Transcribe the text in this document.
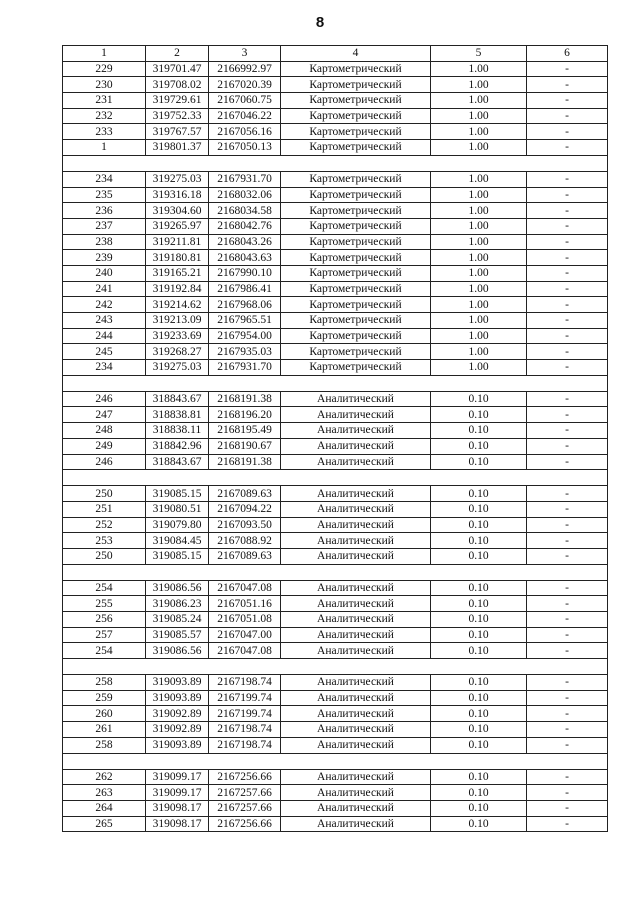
8
1	2	3	4	5	6
229	319701.47	2166992.97	Картометрический	1.00	-
230	319708.02	2167020.39	Картометрический	1.00	-
231	319729.61	2167060.75	Картометрический	1.00	-
232	319752.33	2167046.22	Картометрический	1.00	-
233	319767.57	2167056.16	Картометрический	1.00	-
1	319801.37	2167050.13	Картометрический	1.00	-

234	319275.03	2167931.70	Картометрический	1.00	-
235	319316.18	2168032.06	Картометрический	1.00	-
236	319304.60	2168034.58	Картометрический	1.00	-
237	319265.97	2168042.76	Картометрический	1.00	-
238	319211.81	2168043.26	Картометрический	1.00	-
239	319180.81	2168043.63	Картометрический	1.00	-
240	319165.21	2167990.10	Картометрический	1.00	-
241	319192.84	2167986.41	Картометрический	1.00	-
242	319214.62	2167968.06	Картометрический	1.00	-
243	319213.09	2167965.51	Картометрический	1.00	-
244	319233.69	2167954.00	Картометрический	1.00	-
245	319268.27	2167935.03	Картометрический	1.00	-
234	319275.03	2167931.70	Картометрический	1.00	-

246	318843.67	2168191.38	Аналитический	0.10	-
247	318838.81	2168196.20	Аналитический	0.10	-
248	318838.11	2168195.49	Аналитический	0.10	-
249	318842.96	2168190.67	Аналитический	0.10	-
246	318843.67	2168191.38	Аналитический	0.10	-

250	319085.15	2167089.63	Аналитический	0.10	-
251	319080.51	2167094.22	Аналитический	0.10	-
252	319079.80	2167093.50	Аналитический	0.10	-
253	319084.45	2167088.92	Аналитический	0.10	-
250	319085.15	2167089.63	Аналитический	0.10	-

254	319086.56	2167047.08	Аналитический	0.10	-
255	319086.23	2167051.16	Аналитический	0.10	-
256	319085.24	2167051.08	Аналитический	0.10	-
257	319085.57	2167047.00	Аналитический	0.10	-
254	319086.56	2167047.08	Аналитический	0.10	-

258	319093.89	2167198.74	Аналитический	0.10	-
259	319093.89	2167199.74	Аналитический	0.10	-
260	319092.89	2167199.74	Аналитический	0.10	-
261	319092.89	2167198.74	Аналитический	0.10	-
258	319093.89	2167198.74	Аналитический	0.10	-

262	319099.17	2167256.66	Аналитический	0.10	-
263	319099.17	2167257.66	Аналитический	0.10	-
264	319098.17	2167257.66	Аналитический	0.10	-
265	319098.17	2167256.66	Аналитический	0.10	-
